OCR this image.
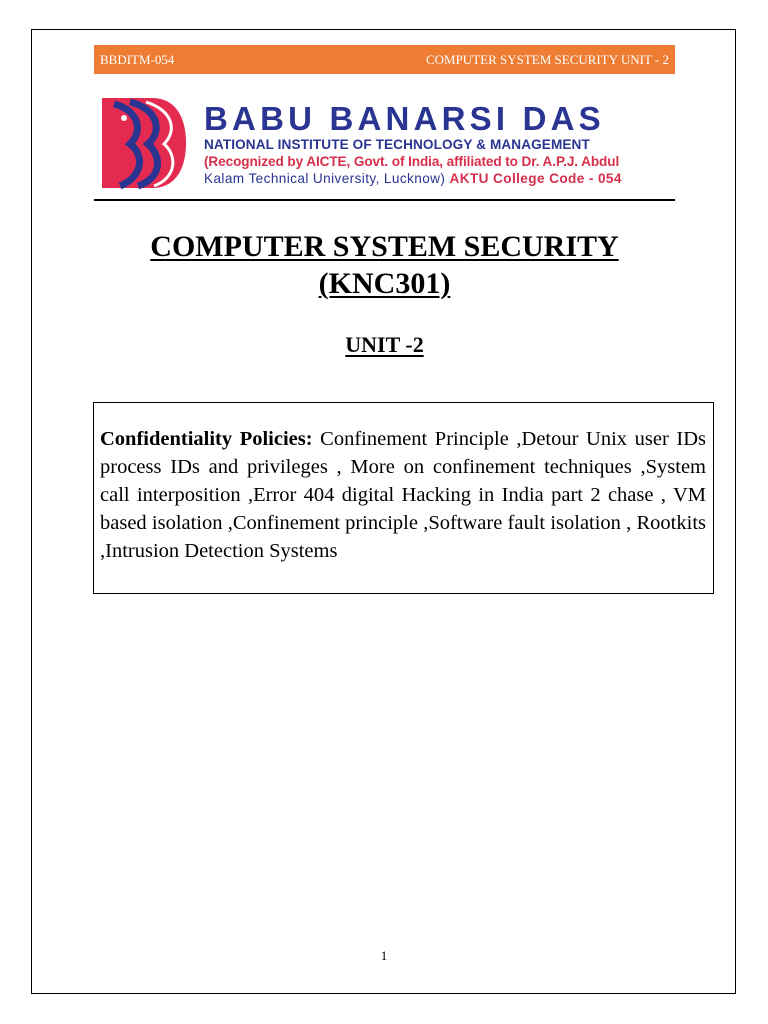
BBDITM-054	COMPUTER SYSTEM SECURITY UNIT - 2
BABU BANARSI DAS
NATIONAL INSTITUTE OF TECHNOLOGY & MANAGEMENT
(Recognized by AICTE, Govt. of India, affiliated to Dr. A.P.J. Abdul
Kalam Technical University, Lucknow) AKTU College Code - 054
COMPUTER SYSTEM SECURITY
(KNC301)
UNIT -2
Confidentiality Policies: Confinement Principle ,Detour Unix user IDs process IDs and privileges , More on confinement techniques ,System call interposition ,Error 404 digital Hacking in India part 2 chase , VM based isolation ,Confinement principle ,Software fault isolation , Rootkits ,Intrusion Detection Systems
1
